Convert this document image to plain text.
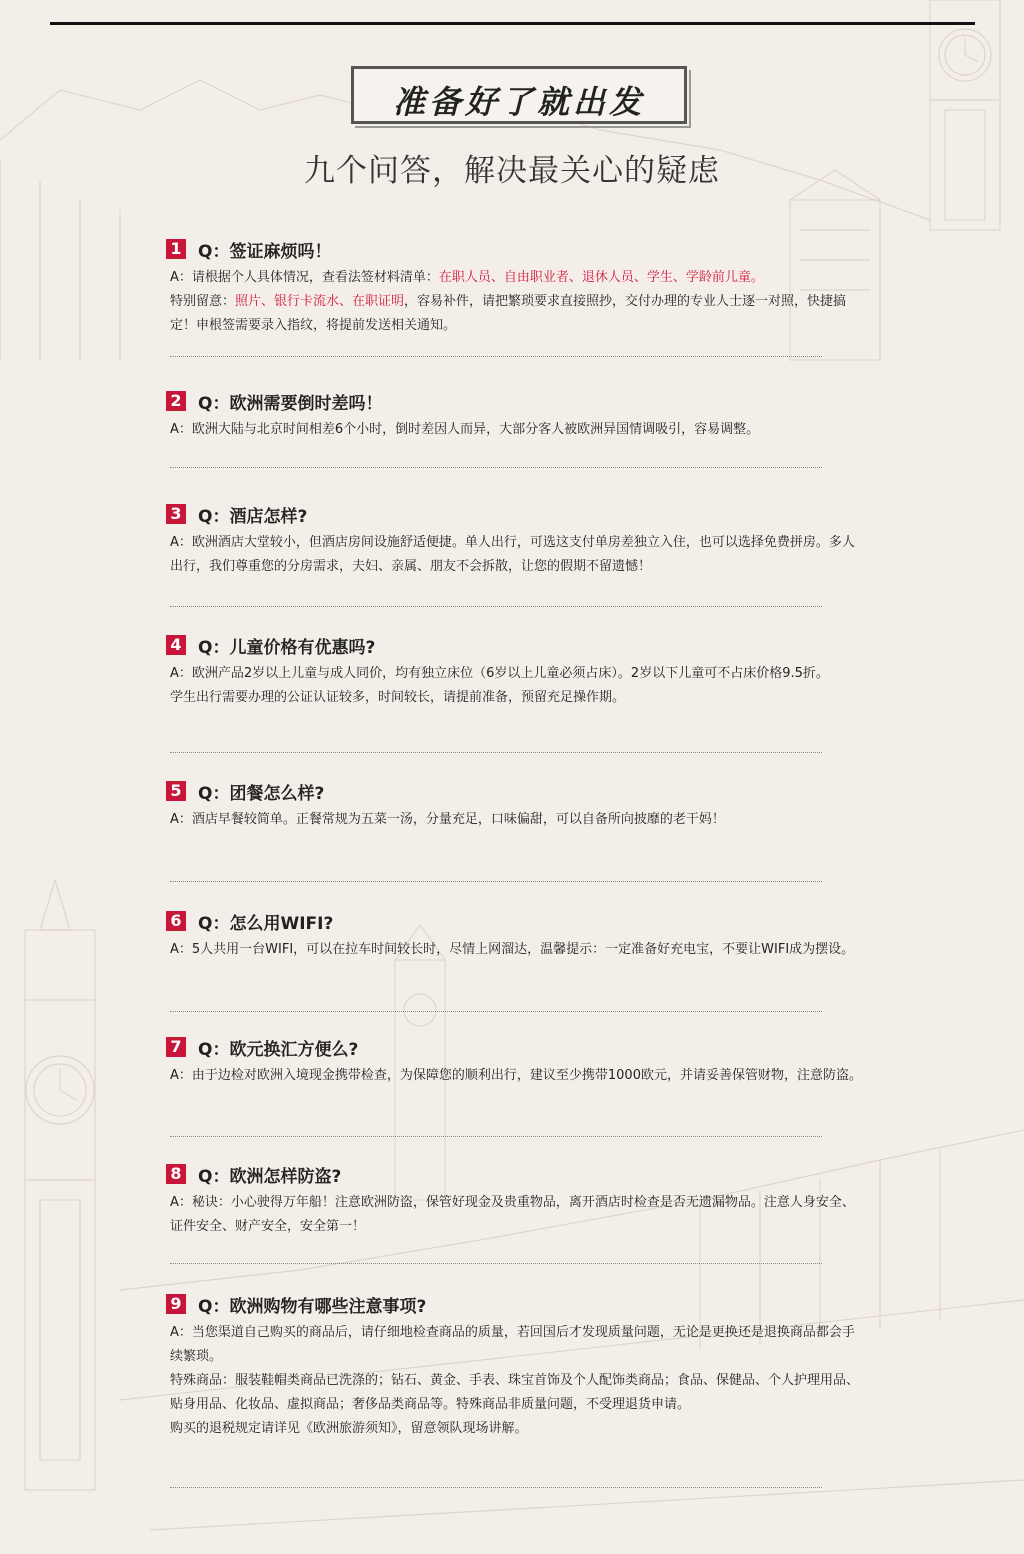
准备好了就出发
九个问答，解决最关心的疑虑
1 Q：签证麻烦吗！

A：请根据个人具体情况，查看法签材料清单：在职人员、自由职业者、退休人员、学生、学龄前儿童。

特别留意：照片、银行卡流水、在职证明，容易补件，请把繁琐要求直接照抄，交付办理的专业人士逐一对照，快捷搞定！申根签需要录入指纹，将提前发送相关通知。

2 Q：欧洲需要倒时差吗！

A：欧洲大陆与北京时间相差6个小时，倒时差因人而异，大部分客人被欧洲异国情调吸引，容易调整。

3 Q：酒店怎样?

A：欧洲酒店大堂较小，但酒店房间设施舒适便捷。单人出行，可选这支付单房差独立入住，也可以选择免费拼房。多人出行，我们尊重您的分房需求，夫妇、亲属、朋友不会拆散，让您的假期不留遗憾！

4 Q：儿童价格有优惠吗?

A：欧洲产品2岁以上儿童与成人同价，均有独立床位（6岁以上儿童必须占床）。2岁以下儿童可不占床价格9.5折。

学生出行需要办理的公证认证较多，时间较长，请提前准备，预留充足操作期。

5 Q：团餐怎么样?

A：酒店早餐较简单。正餐常规为五菜一汤，分量充足，口味偏甜，可以自备所向披靡的老干妈！

6 Q：怎么用WIFI?

A：5人共用一台WIFI，可以在拉车时间较长时，尽情上网溜达，温馨提示：一定准备好充电宝，不要让WIFI成为摆设。

7 Q：欧元换汇方便么?

A：由于边检对欧洲入境现金携带检查，为保障您的顺利出行，建议至少携带1000欧元，并请妥善保管财物，注意防盗。

8 Q：欧洲怎样防盗?

A：秘诀：小心驶得万年船！注意欧洲防盗，保管好现金及贵重物品，离开酒店时检查是否无遗漏物品。注意人身安全、证件安全、财产安全，安全第一！

9 Q：欧洲购物有哪些注意事项?

A：当您渠道自己购买的商品后，请仔细地检查商品的质量，若回国后才发现质量问题，无论是更换还是退换商品都会手续繁琐。

特殊商品：服装鞋帽类商品已洗涤的；钻石、黄金、手表、珠宝首饰及个人配饰类商品；食品、保健品、个人护理用品、贴身用品、化妆品、虚拟商品；奢侈品类商品等。特殊商品非质量问题，不受理退货申请。

购买的退税规定请详见《欧洲旅游须知》，留意领队现场讲解。
